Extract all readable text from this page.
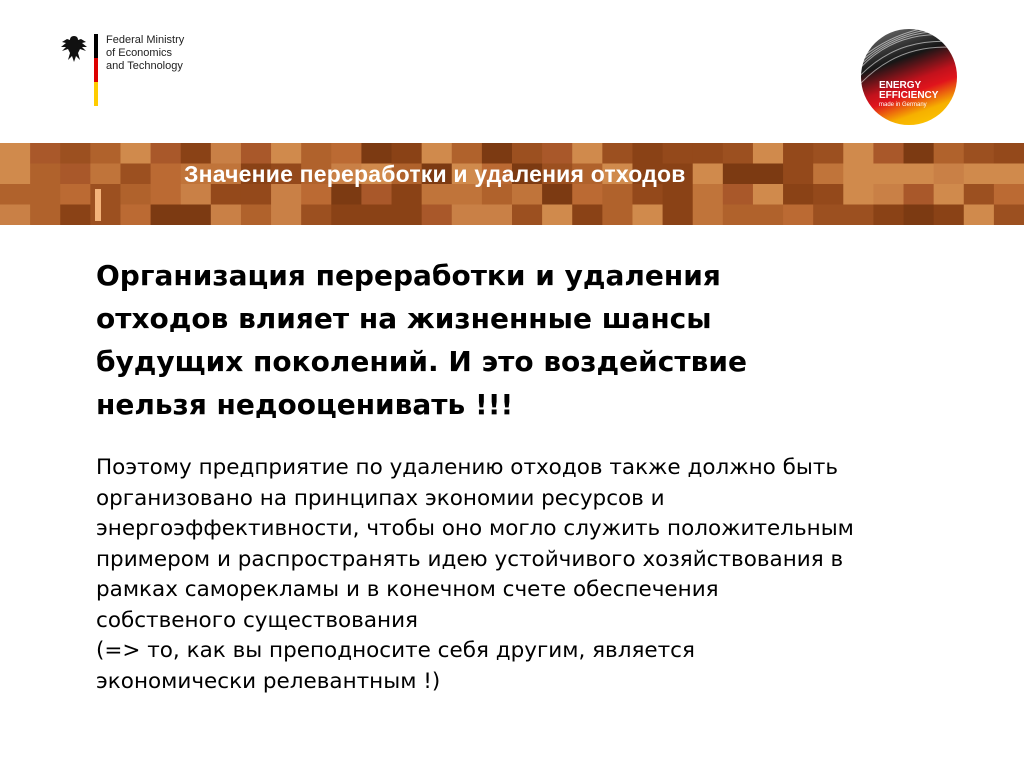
Federal Ministry
of Economics
and Technology
ENERGY
EFFICIENCY
made in Germany
Значение переработки и удаления отходов

Организация переработки и удаления
отходов влияет на жизненные шансы
будущих поколений. И это воздействие
нельзя недооценивать !!!

Поэтому предприятие по удалению отходов также должно быть
организовано на принципах экономии ресурсов и
энергоэффективности, чтобы оно могло служить положительным
примером и распространять идею устойчивого хозяйствования в
рамках саморекламы и в конечном счете обеспечения
собственого существования
(=> то, как вы преподносите себя другим, является
экономически релевантным !)
